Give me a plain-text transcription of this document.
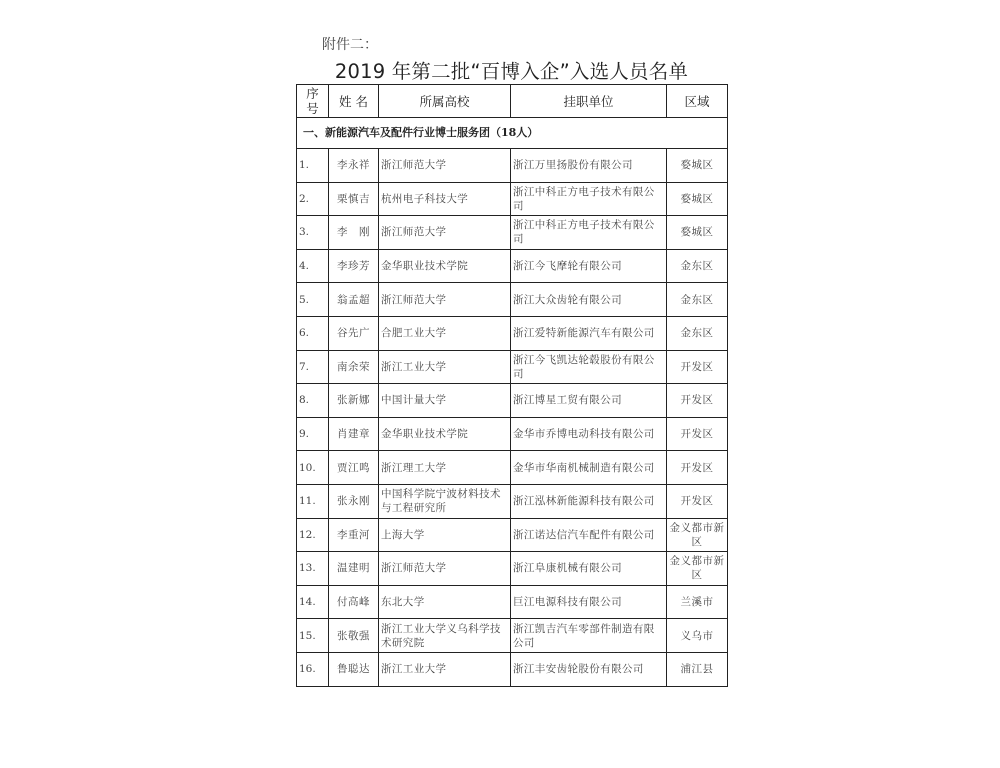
附件二：
2019 年第二批“百博入企”入选人员名单
序
号	姓 名	所属高校	挂职单位	区域
一、新能源汽车及配件行业博士服务团（18人）				
1.	李永祥	浙江师范大学	浙江万里扬股份有限公司	婺城区
2.	栗慎吉	杭州电子科技大学	浙江中科正方电子技术有限公司	婺城区
3.	李　刚	浙江师范大学	浙江中科正方电子技术有限公司	婺城区
4.	李珍芳	金华职业技术学院	浙江今飞摩轮有限公司	金东区
5.	翁孟超	浙江师范大学	浙江大众齿轮有限公司	金东区
6.	谷先广	合肥工业大学	浙江爱特新能源汽车有限公司	金东区
7.	南余荣	浙江工业大学	浙江今飞凯达轮毂股份有限公司	开发区
8.	张新娜	中国计量大学	浙江博星工贸有限公司	开发区
9.	肖建章	金华职业技术学院	金华市乔博电动科技有限公司	开发区
10.	贾江鸣	浙江理工大学	金华市华南机械制造有限公司	开发区
11.	张永刚	中国科学院宁波材料技术与工程研究所	浙江泓林新能源科技有限公司	开发区
12.	李重河	上海大学	浙江诺达信汽车配件有限公司	金义都市新区
13.	温建明	浙江师范大学	浙江阜康机械有限公司	金义都市新区
14.	付高峰	东北大学	巨江电源科技有限公司	兰溪市
15.	张敬强	浙江工业大学义乌科学技术研究院	浙江凯吉汽车零部件制造有限公司	义乌市
16.	鲁聪达	浙江工业大学	浙江丰安齿轮股份有限公司	浦江县
